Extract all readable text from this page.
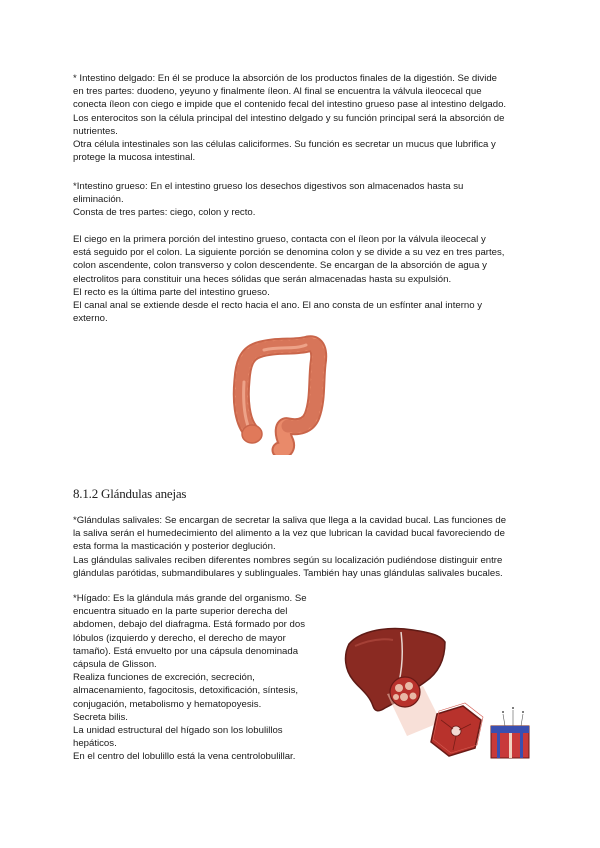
* Intestino delgado: En él se produce la absorción de los productos finales de la digestión. Se divide
en tres partes: duodeno, yeyuno y finalmente íleon. Al final se encuentra la válvula ileocecal que
conecta íleon con ciego e impide que el contenido fecal del intestino grueso pase al intestino delgado.
Los enterocitos son la célula principal del intestino delgado y su función principal será la absorción de
nutrientes.
Otra célula intestinales son las células caliciformes. Su función es secretar un mucus que lubrifica y
protege la mucosa intestinal.
*Intestino grueso: En el intestino grueso los desechos digestivos son almacenados hasta su
eliminación.
Consta de tres partes: ciego, colon y recto.
El ciego en la primera porción del intestino grueso, contacta con el íleon por la válvula ileocecal y
está seguido por el colon. La siguiente porción se denomina colon y se divide a su vez en tres partes,
colon ascendente, colon transverso y colon descendente. Se encargan de la absorción de agua y
electrolitos para constituir una heces sólidas que serán almacenadas hasta su expulsión.
El recto es la última parte del intestino grueso.
El canal anal se extiende desde el recto hacia el ano. El ano consta de un esfínter anal interno y
externo.
8.1.2 Glándulas anejas
*Glándulas salivales: Se encargan de secretar la saliva que llega a la cavidad bucal. Las funciones de
la saliva serán el humedecimiento del alimento a la vez que lubrican la cavidad bucal favoreciendo de
esta forma la masticación y posterior deglución.
Las glándulas salivales reciben diferentes nombres según su localización pudiéndose distinguir entre
glándulas parótidas, submandibulares y sublinguales. También hay unas glándulas salivales bucales.
*Hígado: Es la glándula más grande del organismo. Se
encuentra situado en la parte superior derecha del
abdomen, debajo del diafragma. Está formado por dos
lóbulos (izquierdo y derecho, el derecho de mayor
tamaño). Está envuelto por una cápsula denominada
cápsula de Glisson.
Realiza funciones de excreción, secreción,
almacenamiento, fagocitosis, detoxificación, síntesis,
conjugación, metabolismo y hematopoyesis.
Secreta bilis.
La unidad estructural del hígado son los lobulillos
hepáticos.
En el centro del lobulillo está la vena centrolobulillar.
